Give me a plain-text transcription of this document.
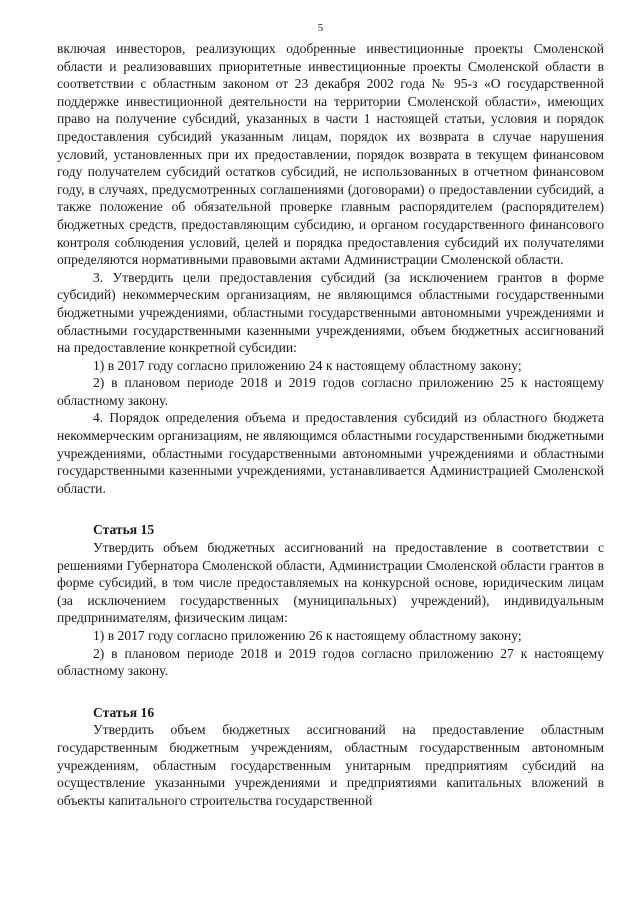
5

включая инвесторов, реализующих одобренные инвестиционные проекты Смоленской области и реализовавших приоритетные инвестиционные проекты Смоленской области в соответствии с областным законом от 23 декабря 2002 года № 95-з «О государственной поддержке инвестиционной деятельности на территории Смоленской области», имеющих право на получение субсидий, указанных в части 1 настоящей статьи, условия и порядок предоставления субсидий указанным лицам, порядок их возврата в случае нарушения условий, установленных при их предоставлении, порядок возврата в текущем финансовом году получателем субсидий остатков субсидий, не использованных в отчетном финансовом году, в случаях, предусмотренных соглашениями (договорами) о предоставлении субсидий, а также положение об обязательной проверке главным распорядителем (распорядителем) бюджетных средств, предоставляющим субсидию, и органом государственного финансового контроля соблюдения условий, целей и порядка предоставления субсидий их получателями определяются нормативными правовыми актами Администрации Смоленской области.

3. Утвердить цели предоставления субсидий (за исключением грантов в форме субсидий) некоммерческим организациям, не являющимся областными государственными бюджетными учреждениями, областными государственными автономными учреждениями и областными государственными казенными учреждениями, объем бюджетных ассигнований на предоставление конкретной субсидии:

1) в 2017 году согласно приложению 24 к настоящему областному закону;

2) в плановом периоде 2018 и 2019 годов согласно приложению 25 к настоящему областному закону.

4. Порядок определения объема и предоставления субсидий из областного бюджета некоммерческим организациям, не являющимся областными государственными бюджетными учреждениями, областными государственными автономными учреждениями и областными государственными казенными учреждениями, устанавливается Администрацией Смоленской области.

Статья 15

Утвердить объем бюджетных ассигнований на предоставление в соответствии с решениями Губернатора Смоленской области, Администрации Смоленской области грантов в форме субсидий, в том числе предоставляемых на конкурсной основе, юридическим лицам (за исключением государственных (муниципальных) учреждений), индивидуальным предпринимателям, физическим лицам:

1) в 2017 году согласно приложению 26 к настоящему областному закону;

2) в плановом периоде 2018 и 2019 годов согласно приложению 27 к настоящему областному закону.

Статья 16

Утвердить объем бюджетных ассигнований на предоставление областным государственным бюджетным учреждениям, областным государственным автономным учреждениям, областным государственным унитарным предприятиям субсидий на осуществление указанными учреждениями и предприятиями капитальных вложений в объекты капитального строительства государственной
